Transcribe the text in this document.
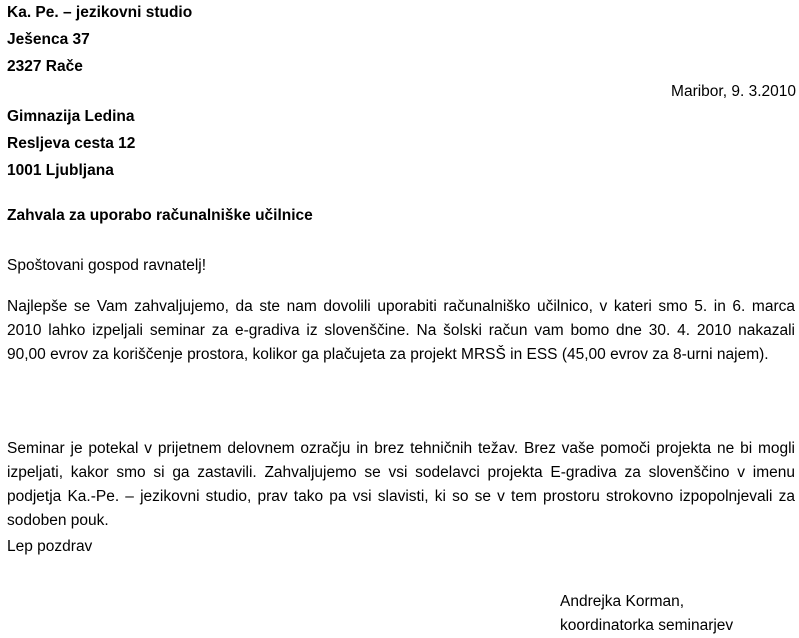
Ka. Pe. – jezikovni studio
Ješenca 37
2327 Rače
Maribor, 9. 3.2010
Gimnazija Ledina
Resljeva cesta 12
1001 Ljubljana
Zahvala za uporabo računalniške učilnice
Spoštovani gospod ravnatelj!
Najlepše se Vam zahvaljujemo, da ste nam dovolili uporabiti računalniško učilnico, v kateri smo 5. in 6. marca 2010 lahko izpeljali seminar za e-gradiva iz slovenščine. Na šolski račun vam bomo dne 30. 4. 2010 nakazali 90,00 evrov za koriščenje prostora, kolikor ga plačujeta za projekt MRSŠ in ESS (45,00 evrov za 8-urni najem).
Seminar je potekal v prijetnem delovnem ozračju in brez tehničnih težav. Brez vaše pomoči projekta ne bi mogli izpeljati, kakor smo si ga zastavili. Zahvaljujemo se vsi sodelavci projekta E-gradiva za slovenščino v imenu podjetja Ka.-Pe. – jezikovni studio, prav tako pa vsi slavisti, ki so se v tem prostoru strokovno izpopolnjevali za sodoben pouk.
Lep pozdrav
Andrejka Korman,
koordinatorka seminarjev
